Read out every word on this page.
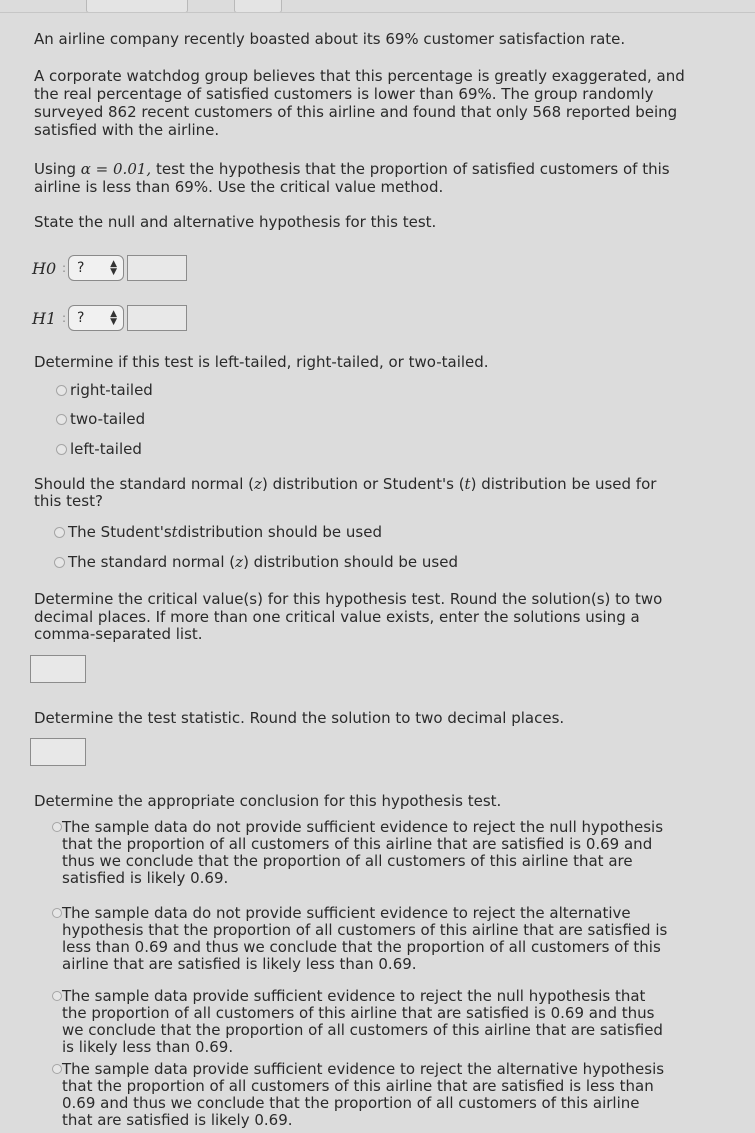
An airline company recently boasted about its 69% customer satisfaction rate.
A corporate watchdog group believes that this percentage is greatly exaggerated, and
the real percentage of satisfied customers is lower than 69%. The group randomly
surveyed 862 recent customers of this airline and found that only 568 reported being
satisfied with the airline.
Using α = 0.01, test the hypothesis that the proportion of satisfied customers of this
airline is less than 69%. Use the critical value method.
State the null and alternative hypothesis for this test.
H0 : ?	▲
▼
H1 : ?	▲
▼
Determine if this test is left-tailed, right-tailed, or two-tailed.
right-tailed
two-tailed
left-tailed
Should the standard normal (z) distribution or Student's (t) distribution be used for
this test?
The Student's t distribution should be used
The standard normal ( z ) distribution should be used
Determine the critical value(s) for this hypothesis test. Round the solution(s) to two
decimal places. If more than one critical value exists, enter the solutions using a
comma-separated list.
Determine the test statistic. Round the solution to two decimal places.
Determine the appropriate conclusion for this hypothesis test.
The sample data do not provide sufficient evidence to reject the null hypothesis
that the proportion of all customers of this airline that are satisfied is 0.69 and
thus we conclude that the proportion of all customers of this airline that are
satisfied is likely 0.69.
The sample data do not provide sufficient evidence to reject the alternative
hypothesis that the proportion of all customers of this airline that are satisfied is
less than 0.69 and thus we conclude that the proportion of all customers of this
airline that are satisfied is likely less than 0.69.
The sample data provide sufficient evidence to reject the null hypothesis that
the proportion of all customers of this airline that are satisfied is 0.69 and thus
we conclude that the proportion of all customers of this airline that are satisfied
is likely less than 0.69.
The sample data provide sufficient evidence to reject the alternative hypothesis
that the proportion of all customers of this airline that are satisfied is less than
0.69 and thus we conclude that the proportion of all customers of this airline
that are satisfied is likely 0.69.
